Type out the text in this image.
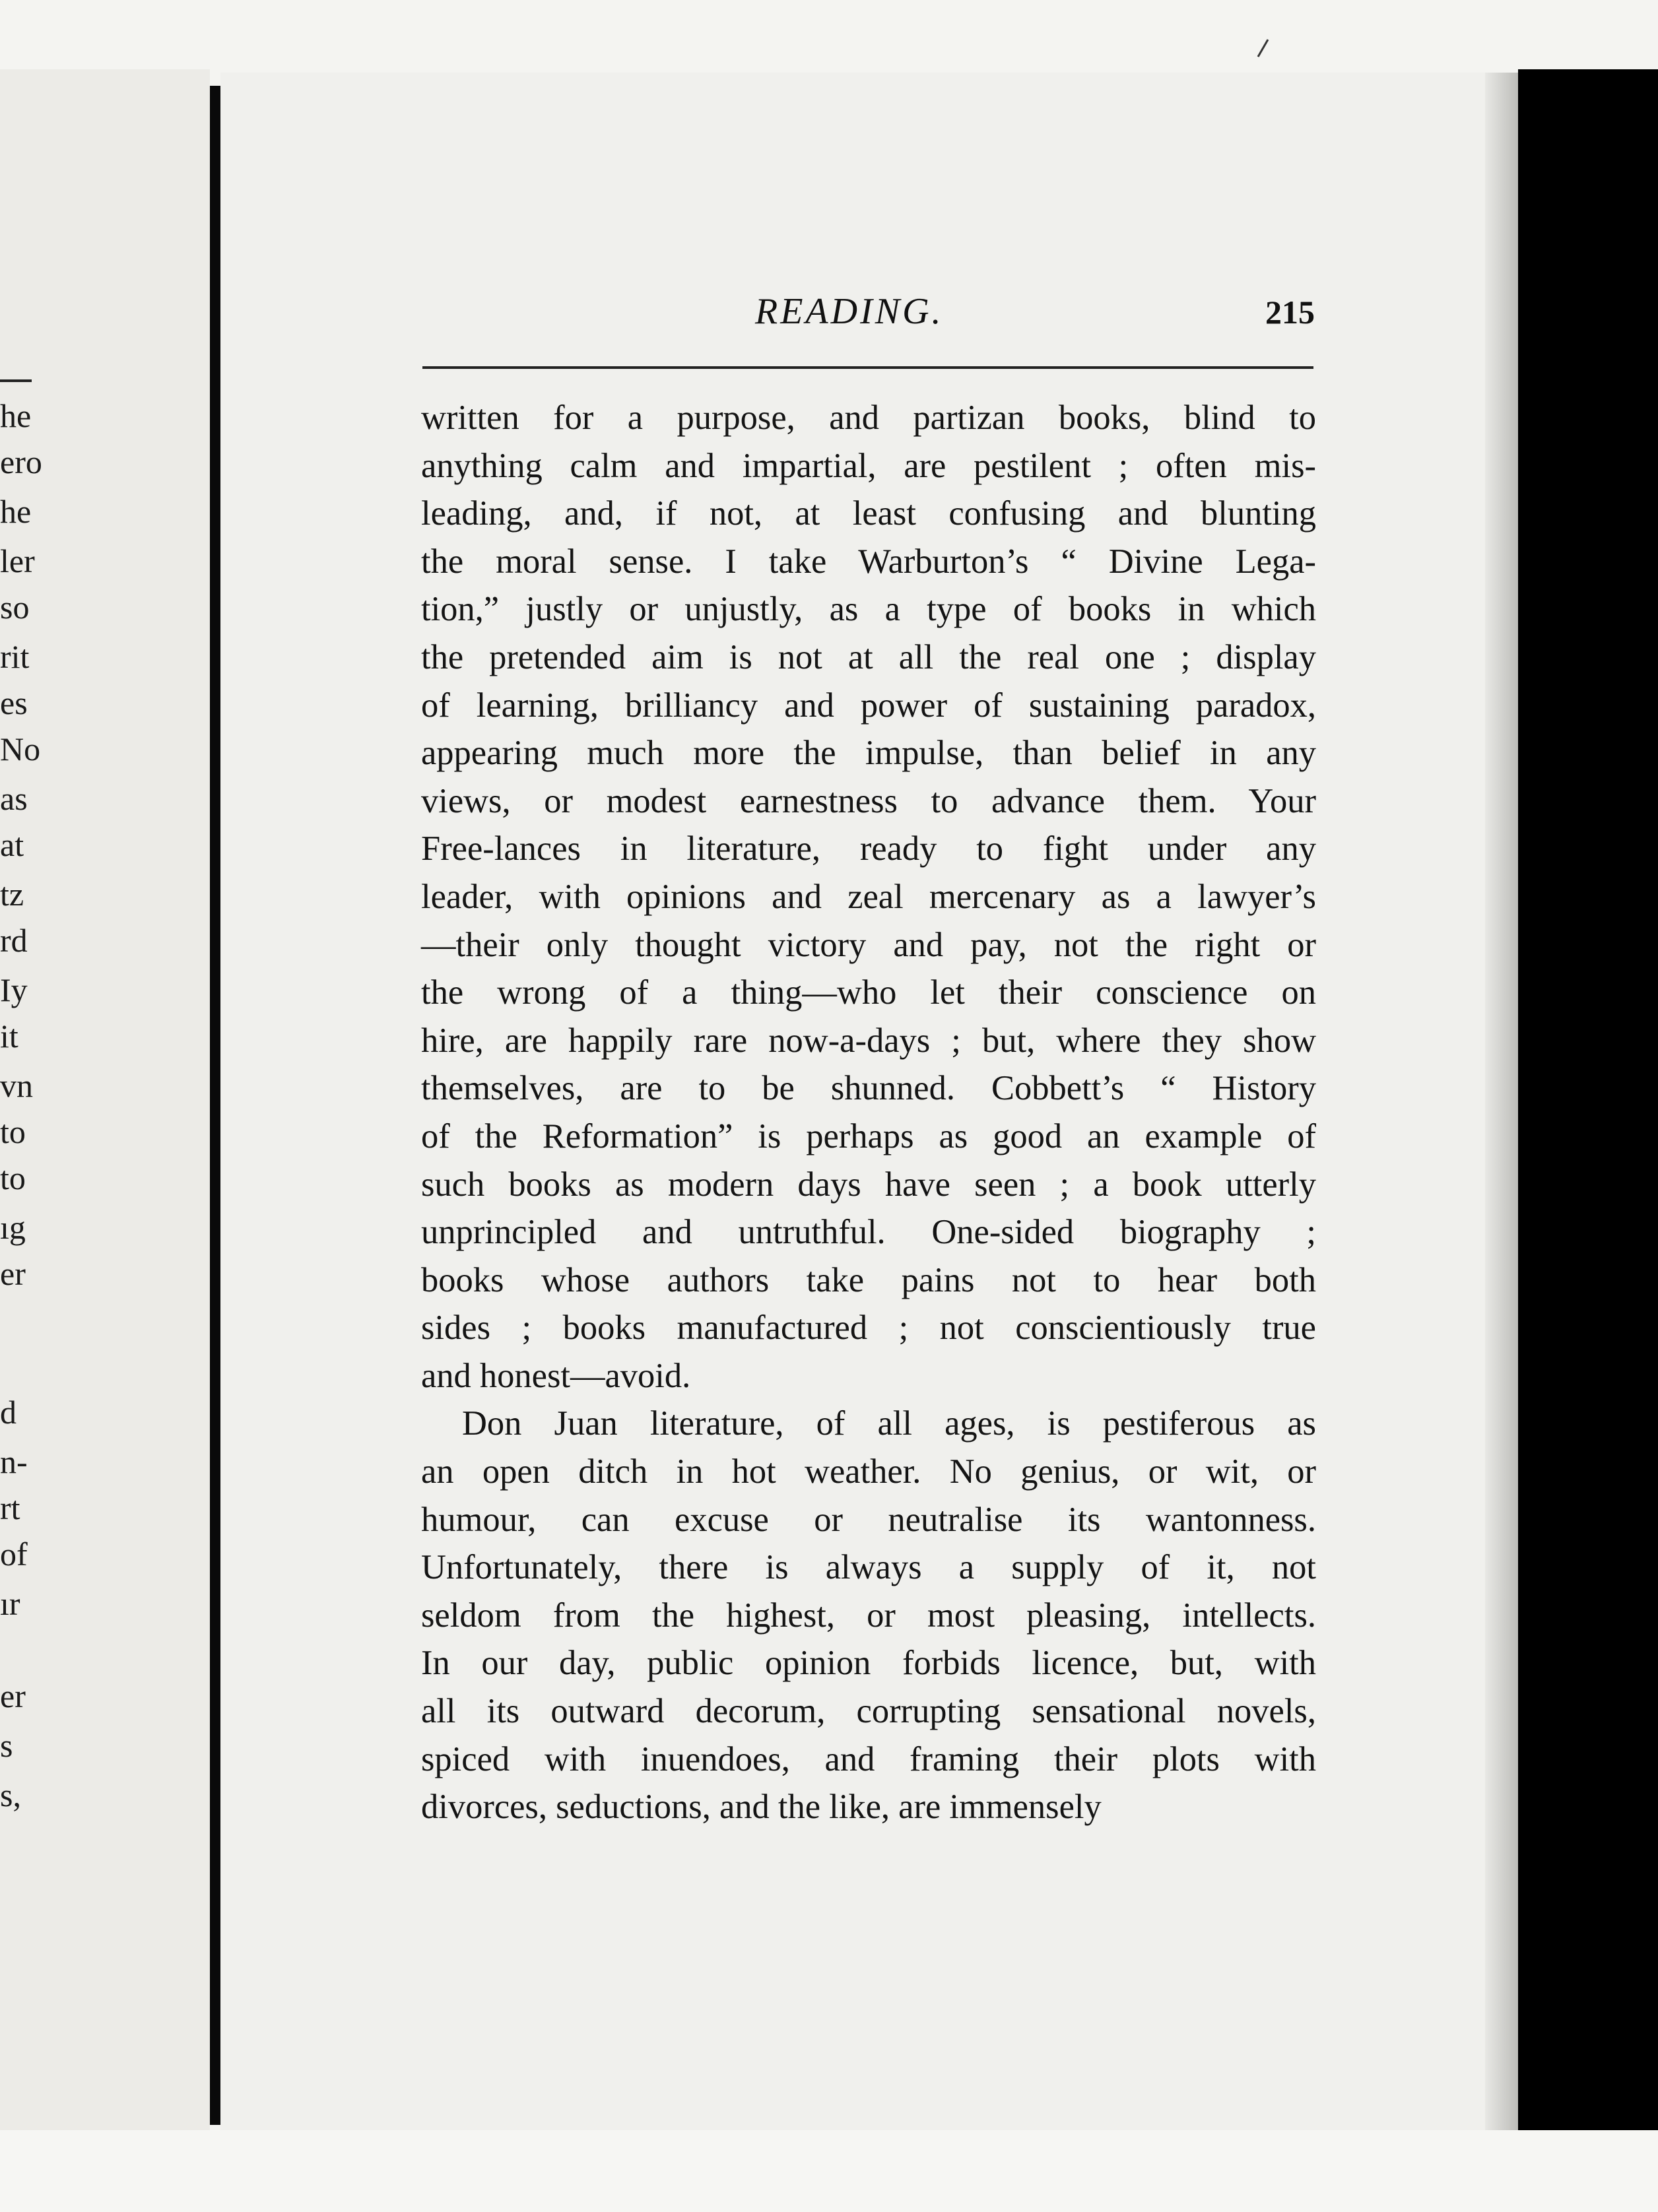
he
ero
he
ler
so
rit
es
No
as
at
tz
rd
Iy
it
vn
to
to
ıg
er
d
n-
rt
of
ır
er
s
s,
READING.	215
written for a purpose, and partizan books, blind to
anything calm and impartial, are pestilent ; often mis-
leading, and, if not, at least confusing and blunting
the moral sense. I take Warburton’s “ Divine Lega-
tion,” justly or unjustly, as a type of books in which
the pretended aim is not at all the real one ; display
of learning, brilliancy and power of sustaining paradox,
appearing much more the impulse, than belief in any
views, or modest earnestness to advance them. Your
Free-lances in literature, ready to fight under any
leader, with opinions and zeal mercenary as a lawyer’s
—their only thought victory and pay, not the right or
the wrong of a thing—who let their conscience on
hire, are happily rare now-a-days ; but, where they show
themselves, are to be shunned. Cobbett’s “ History
of the Reformation” is perhaps as good an example of
such books as modern days have seen ; a book utterly
unprincipled and untruthful. One-sided biography ;
books whose authors take pains not to hear both
sides ; books manufactured ; not conscientiously true
and honest—avoid.
Don Juan literature, of all ages, is pestiferous as
an open ditch in hot weather. No genius, or wit, or
humour, can excuse or neutralise its wantonness.
Unfortunately, there is always a supply of it, not
seldom from the highest, or most pleasing, intellects.
In our day, public opinion forbids licence, but, with
all its outward decorum, corrupting sensational novels,
spiced with inuendoes, and framing their plots with
divorces, seductions, and the like, are immensely
